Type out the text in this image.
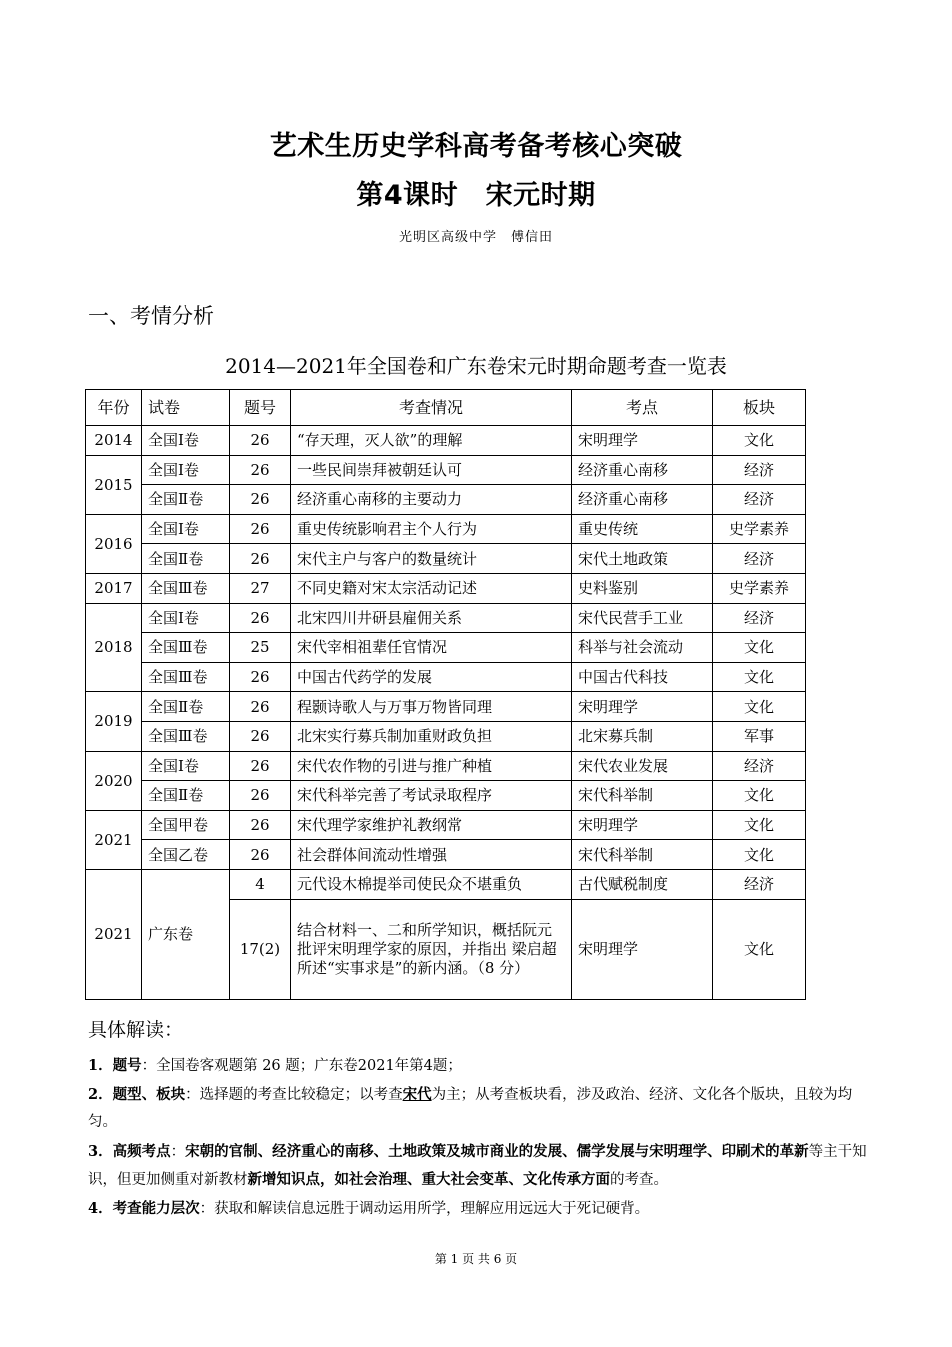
艺术生历史学科高考备考核心突破
第4课时　宋元时期
光明区高级中学　傅信田
一、考情分析
2014—2021年全国卷和广东卷宋元时期命题考查一览表
年份	试卷	题号	考查情况	考点	板块
2014	全国Ⅰ卷	26	“存天理，灭人欲”的理解	宋明理学	文化
2015	全国Ⅰ卷	26	一些民间崇拜被朝廷认可	经济重心南移	经济
	全国Ⅱ卷	26	经济重心南移的主要动力	经济重心南移	经济
2016	全国Ⅰ卷	26	重史传统影响君主个人行为	重史传统	史学素养
	全国Ⅱ卷	26	宋代主户与客户的数量统计	宋代土地政策	经济
2017	全国Ⅲ卷	27	不同史籍对宋太宗活动记述	史料鉴别	史学素养
2018	全国Ⅰ卷	26	北宋四川井研县雇佣关系	宋代民营手工业	经济
	全国Ⅲ卷	25	宋代宰相祖辈任官情况	科举与社会流动	文化
	全国Ⅲ卷	26	中国古代药学的发展	中国古代科技	文化
2019	全国Ⅱ卷	26	程颢诗歌人与万事万物皆同理	宋明理学	文化
	全国Ⅲ卷	26	北宋实行募兵制加重财政负担	北宋募兵制	军事
2020	全国Ⅰ卷	26	宋代农作物的引进与推广种植	宋代农业发展	经济
	全国Ⅱ卷	26	宋代科举完善了考试录取程序	宋代科举制	文化
2021	全国甲卷	26	宋代理学家维护礼教纲常	宋明理学	文化
	全国乙卷	26	社会群体间流动性增强	宋代科举制	文化
2021	广东卷	4	元代设木棉提举司使民众不堪重负	古代赋税制度	经济
		17(2)	结合材料一、二和所学知识，概括阮元批评宋明理学家的原因，并指出 梁启超所述“实事求是”的新内涵。（8 分）	宋明理学	文化
具体解读：
1．题号：全国卷客观题第 26 题；广东卷2021年第4题；
2．题型、板块：选择题的考查比较稳定；以考查宋代为主；从考查板块看，涉及政治、经济、文化各个版块，且较为均匀。
3．高频考点：宋朝的官制、经济重心的南移、土地政策及城市商业的发展、儒学发展与宋明理学、印刷术的革新等主干知识，但更加侧重对新教材新增知识点，如社会治理、重大社会变革、文化传承方面的考查。
4．考查能力层次：获取和解读信息远胜于调动运用所学，理解应用远远大于死记硬背。
第 1 页 共 6 页
